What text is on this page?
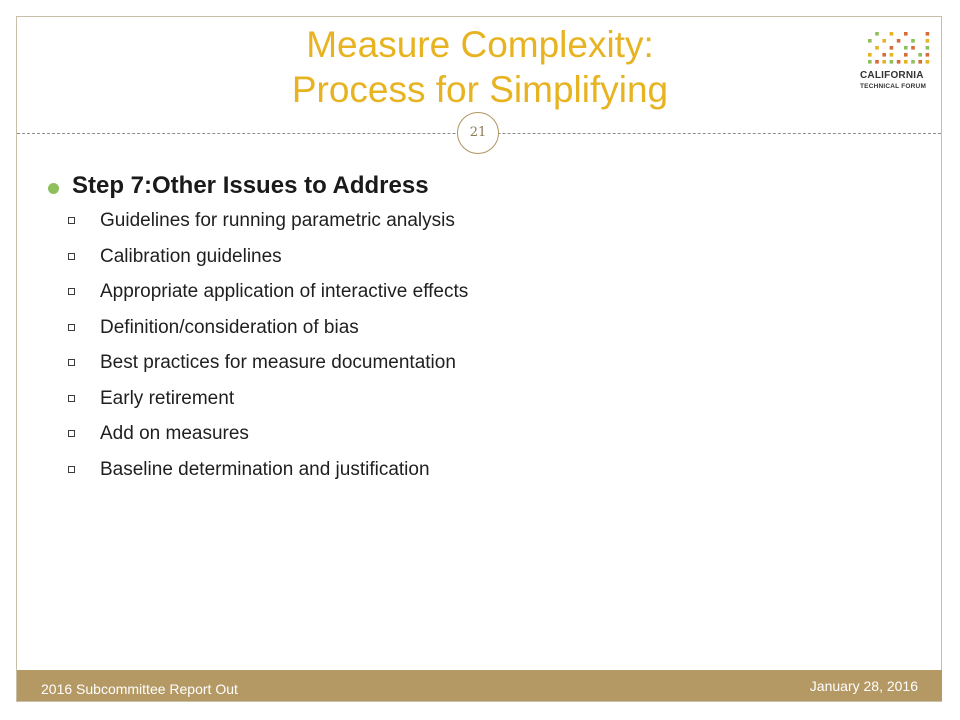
Measure Complexity:
Process for Simplifying	CALIFORNIA
TECHNICAL FORUM
21
Step 7:Other Issues to Address
Guidelines for running parametric analysis
Calibration guidelines
Appropriate application of interactive effects
Definition/consideration of bias
Best practices for measure documentation
Early retirement
Add on measures
Baseline determination and justification
2016 Subcommittee Report Out	January 28, 2016
